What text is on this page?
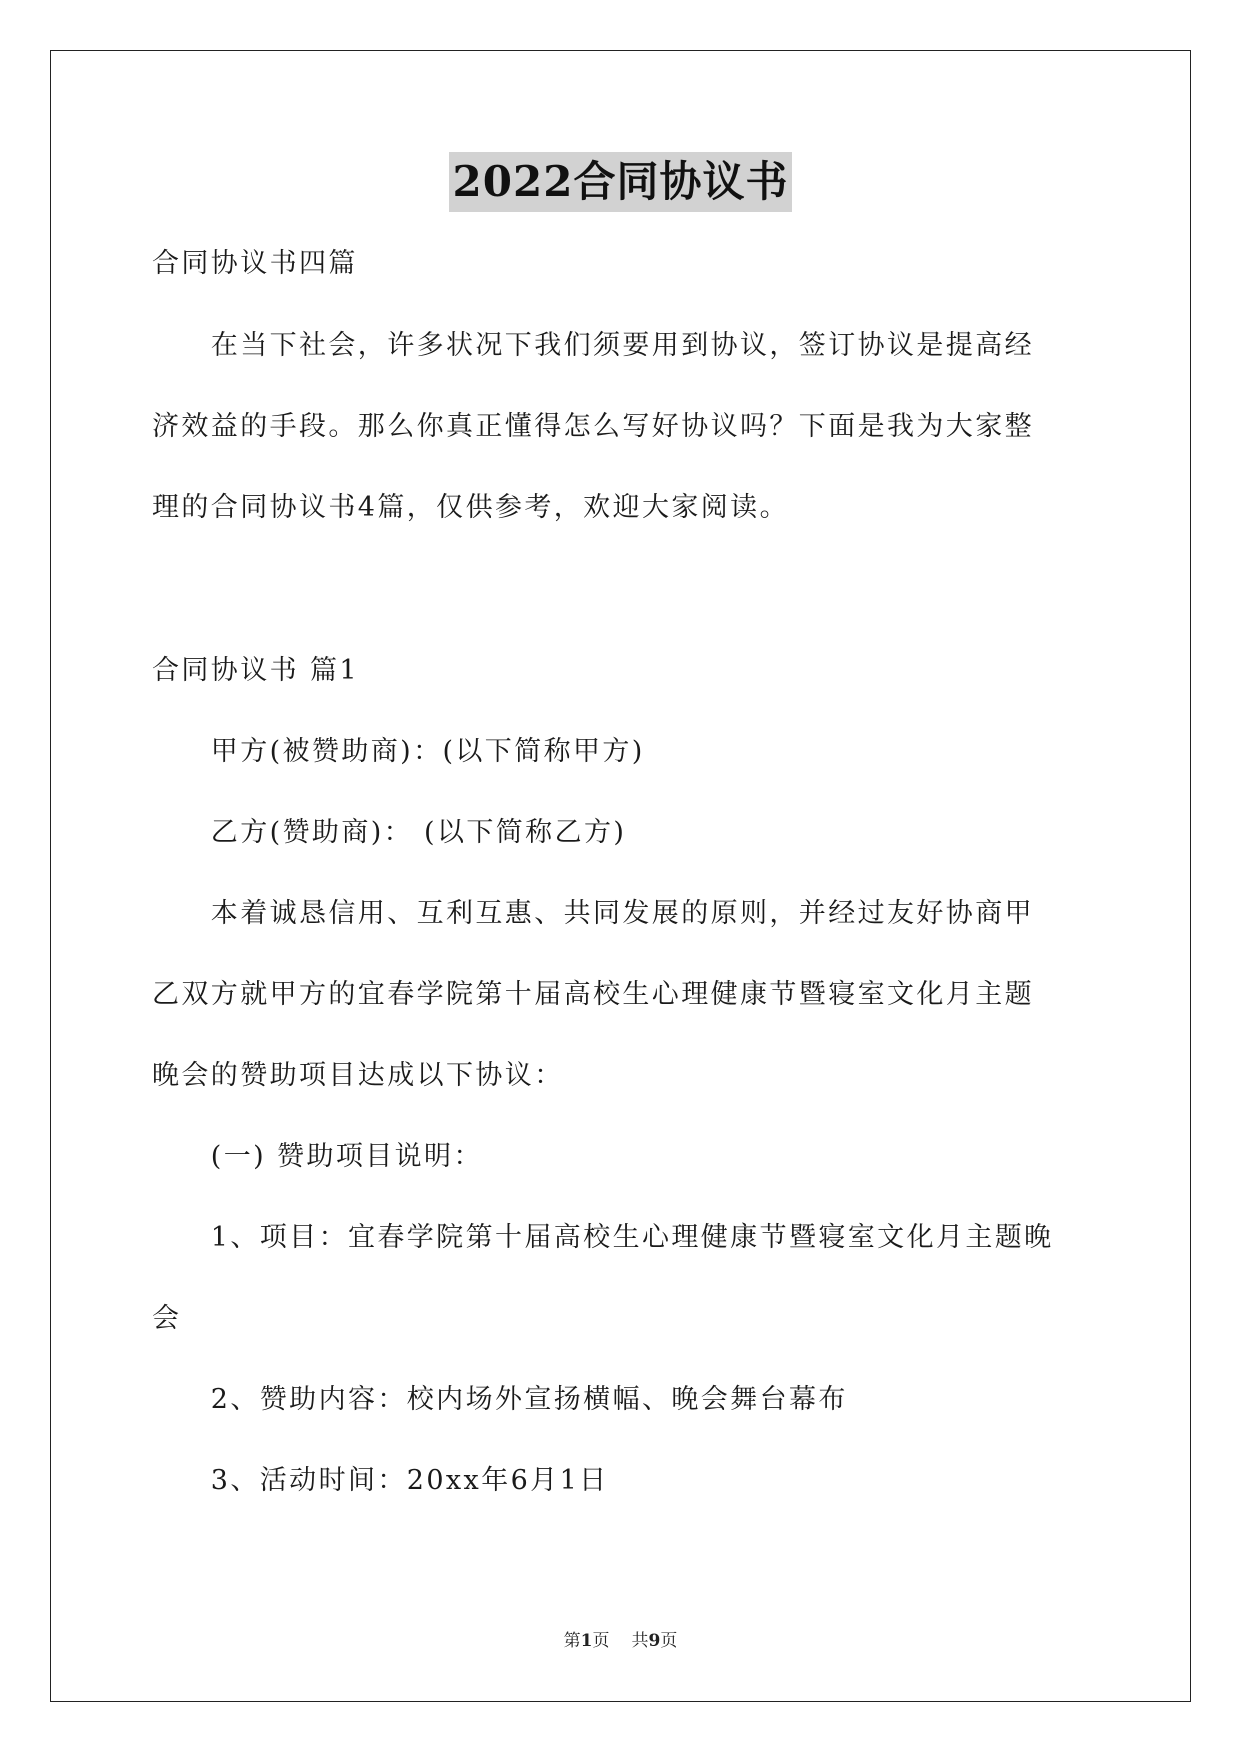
2022合同协议书
合同协议书四篇
　　在当下社会，许多状况下我们须要用到协议，签订协议是提高经
济效益的手段。那么你真正懂得怎么写好协议吗？下面是我为大家整
理的合同协议书4篇，仅供参考，欢迎大家阅读。
合同协议书 篇1
　　甲方(被赞助商)：(以下简称甲方)
　　乙方(赞助商)： (以下简称乙方)
　　本着诚恳信用、互利互惠、共同发展的原则，并经过友好协商甲
乙双方就甲方的宜春学院第十届高校生心理健康节暨寝室文化月主题
晚会的赞助项目达成以下协议：
　　(一) 赞助项目说明：
　　1、项目：宜春学院第十届高校生心理健康节暨寝室文化月主题晚
会
　　2、赞助内容：校内场外宣扬横幅、晚会舞台幕布
　　3、活动时间：20xx年6月1日
第1页 共9页
